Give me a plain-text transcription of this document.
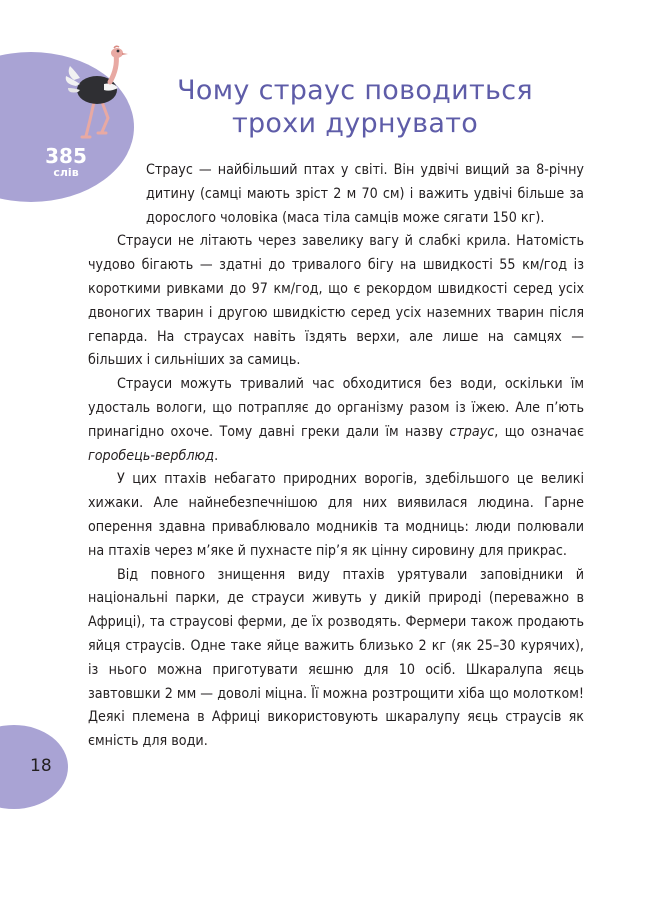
385
слів
Чому страус поводиться
трохи дурнувато

Страус — найбільший птах у світі. Він удвічі вищий за 8-річну дитину (самці мають зріст 2 м 70 см) і важить удвічі більше за дорослого чоловіка (маса тіла самців може сягати 150 кг).

Страуси не літають через завелику вагу й слабкі крила. Натомість чудово бігають — здатні до тривалого бігу на швидкості 55 км/год із короткими ривками до 97 км/год, що є рекордом швидкості серед усіх двоногих тварин і другою швидкістю серед усіх наземних тварин після гепарда. На страусах навіть їздять верхи, але лише на самцях — більших і сильніших за самиць.

Страуси можуть тривалий час обходитися без води, оскільки їм удосталь вологи, що потрапляє до організму разом із їжею. Але п’ють принагідно охоче. Тому давні греки дали їм назву страус, що означає горобець-верблюд.

У цих птахів небагато природних ворогів, здебільшого це великі хижаки. Але найнебезпечнішою для них виявилася людина. Гарне оперення здавна приваблювало модників та модниць: люди полювали на птахів через м’яке й пухнасте пір’я як цінну сировину для прикрас.

Від повного знищення виду птахів урятували заповідники й національні парки, де страуси живуть у дикій природі (переважно в Африці), та страусові ферми, де їх розводять. Фермери також продають яйця страусів. Одне таке яйце важить близько 2 кг (як 25–30 курячих), із нього можна приготувати яєшню для 10 осіб. Шкаралупа яєць завтовшки 2 мм — доволі міцна. Її можна розтрощити хіба що молотком! Деякі племена в Африці використовують шкаралупу яєць страусів як ємність для води.

18
